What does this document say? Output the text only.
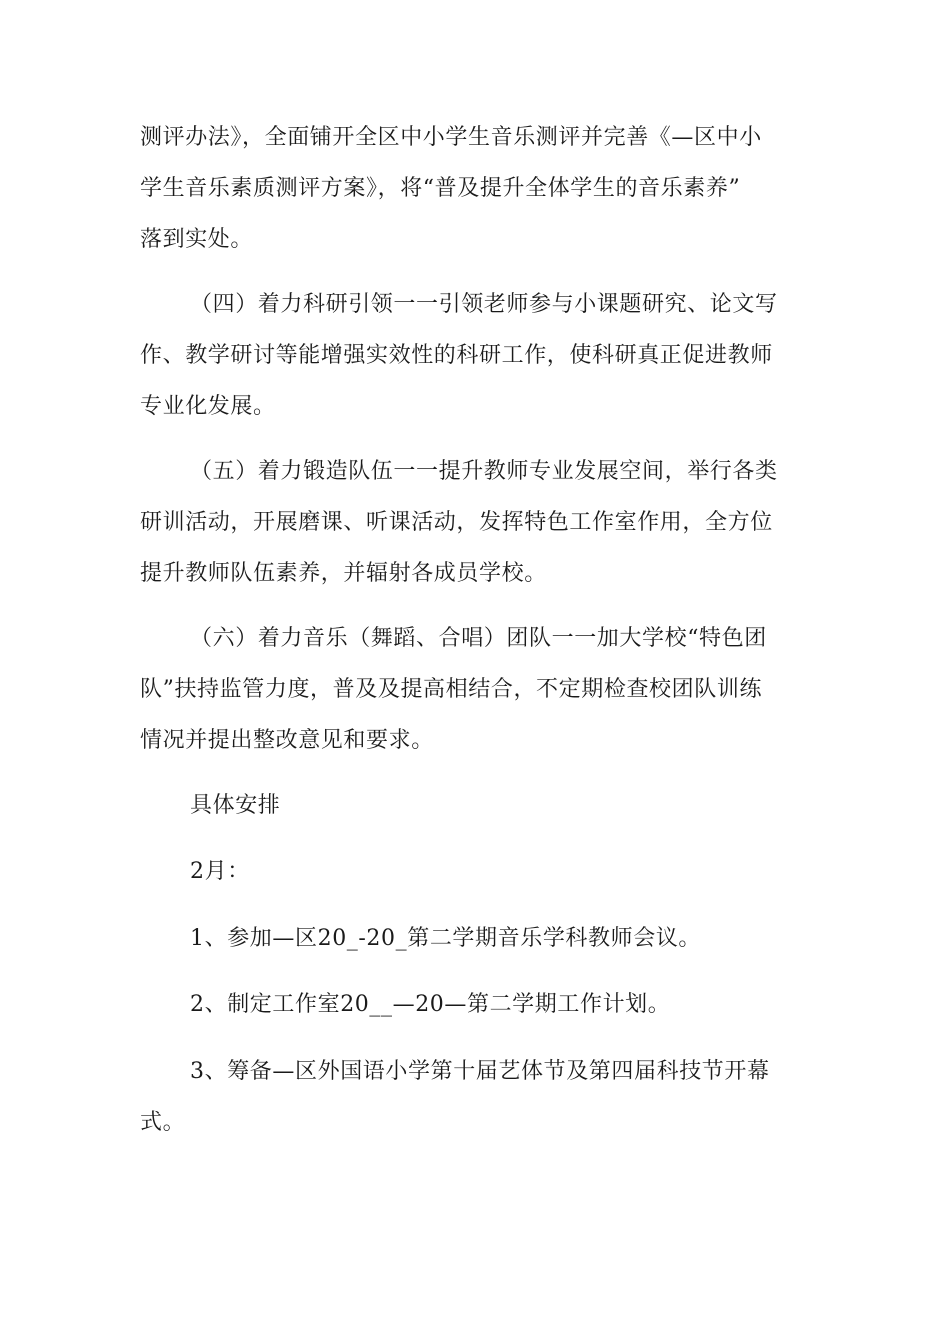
测评办法》，全面铺开全区中小学生音乐测评并完善《—区中小
学生音乐素质测评方案》，将“普及提升全体学生的音乐素养”
落到实处。
（四）着力科研引领一一引领老师参与小课题研究、论文写
作、教学研讨等能增强实效性的科研工作，使科研真正促进教师
专业化发展。
（五）着力锻造队伍一一提升教师专业发展空间，举行各类
研训活动，开展磨课、听课活动，发挥特色工作室作用，全方位
提升教师队伍素养，并辐射各成员学校。
（六）着力音乐（舞蹈、合唱）团队一一加大学校“特色团
队”扶持监管力度，普及及提高相结合，不定期检查校团队训练
情况并提出整改意见和要求。
具体安排
2月：
1、参加—区20_-20_第二学期音乐学科教师会议。
2、制定工作室20__—20—第二学期工作计划。
3、筹备—区外国语小学第十届艺体节及第四届科技节开幕
式。
